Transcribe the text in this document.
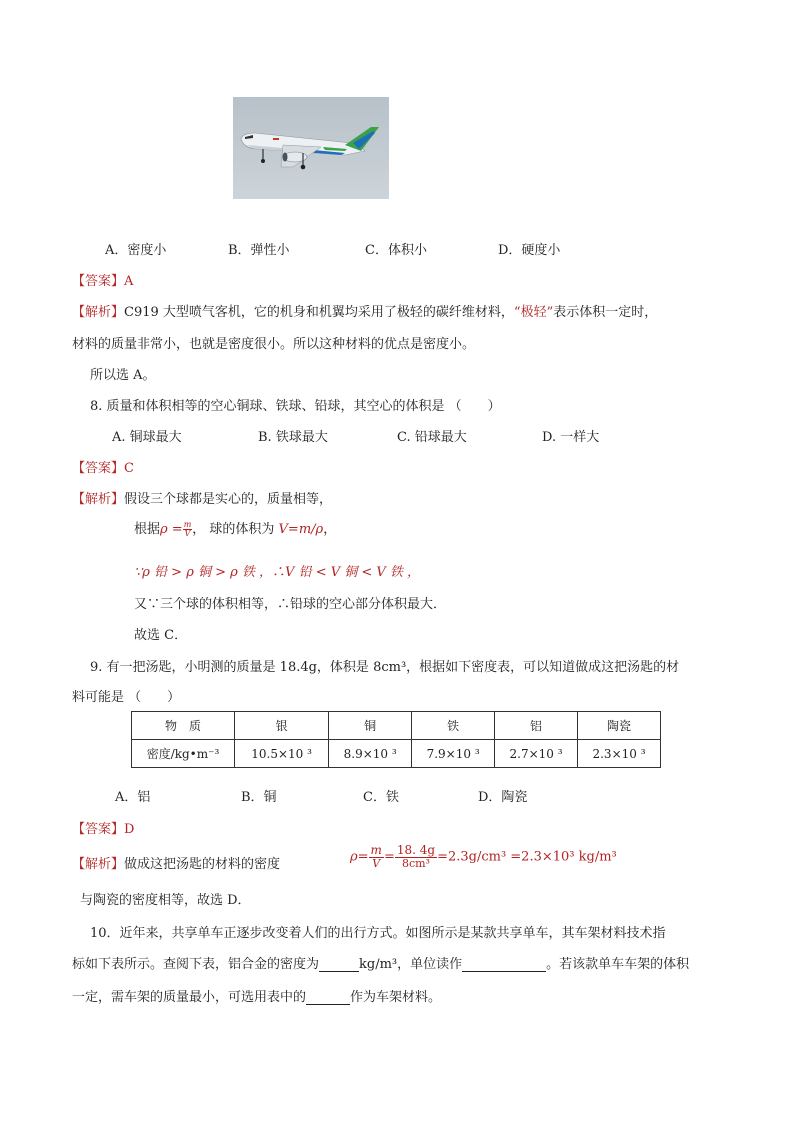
A．密度小	B．弹性小	C．体积小	D．硬度小
【答案】A
【解析】C919 大型喷气客机，它的机身和机翼均采用了极轻的碳纤维材料，“极轻”表示体积一定时，
材料的质量非常小，也就是密度很小。所以这种材料的优点是密度小。
所以选 A。
8. 质量和体积相等的空心铜球、铁球、铅球，其空心的体积是 （　　）
A. 铜球最大	B. 铁球最大	C. 铅球最大	D. 一样大
【答案】C
【解析】假设三个球都是实心的，质量相等，
根据$\rho = \frac{m}{V}$ ， 球的体积为 V=m/ρ，
∵ρ 铅 > ρ 铜 > ρ 铁 ，∴V 铅 < V 铜 < V 铁 ，
又∵三个球的体积相等，∴铅球的空心部分体积最大．
故选 C．
9. 有一把汤匙，小明测的质量是 18.4g，体积是 8cm³，根据如下密度表，可以知道做成这把汤匙的材
料可能是 （　　）
物　质	银	铜	铁	铝	陶瓷
密度/kg•m⁻³	10.5×10 ³	8.9×10 ³	7.9×10 ³	2.7×10 ³	2.3×10 ³
A．铝	B．铜	C．铁	D．陶瓷
【答案】D
【解析】做成这把汤匙的材料的密度	$\rho= \frac{m}{V} = \frac{18. 4g}{\text{8cm³}} =2.3g/cm^3 =2.3\times 10^3$ kg/m³
与陶瓷的密度相等，故选 D．
10．近年来，共享单车正逐步改变着人们的出行方式。如图所示是某款共享单车，其车架材料技术指
标如下表所示。查阅下表，铝合金的密度为	kg/m³，单位读作	。若该款单车车架的体积
一定，需车架的质量最小，可选用表中的	作为车架材料。
